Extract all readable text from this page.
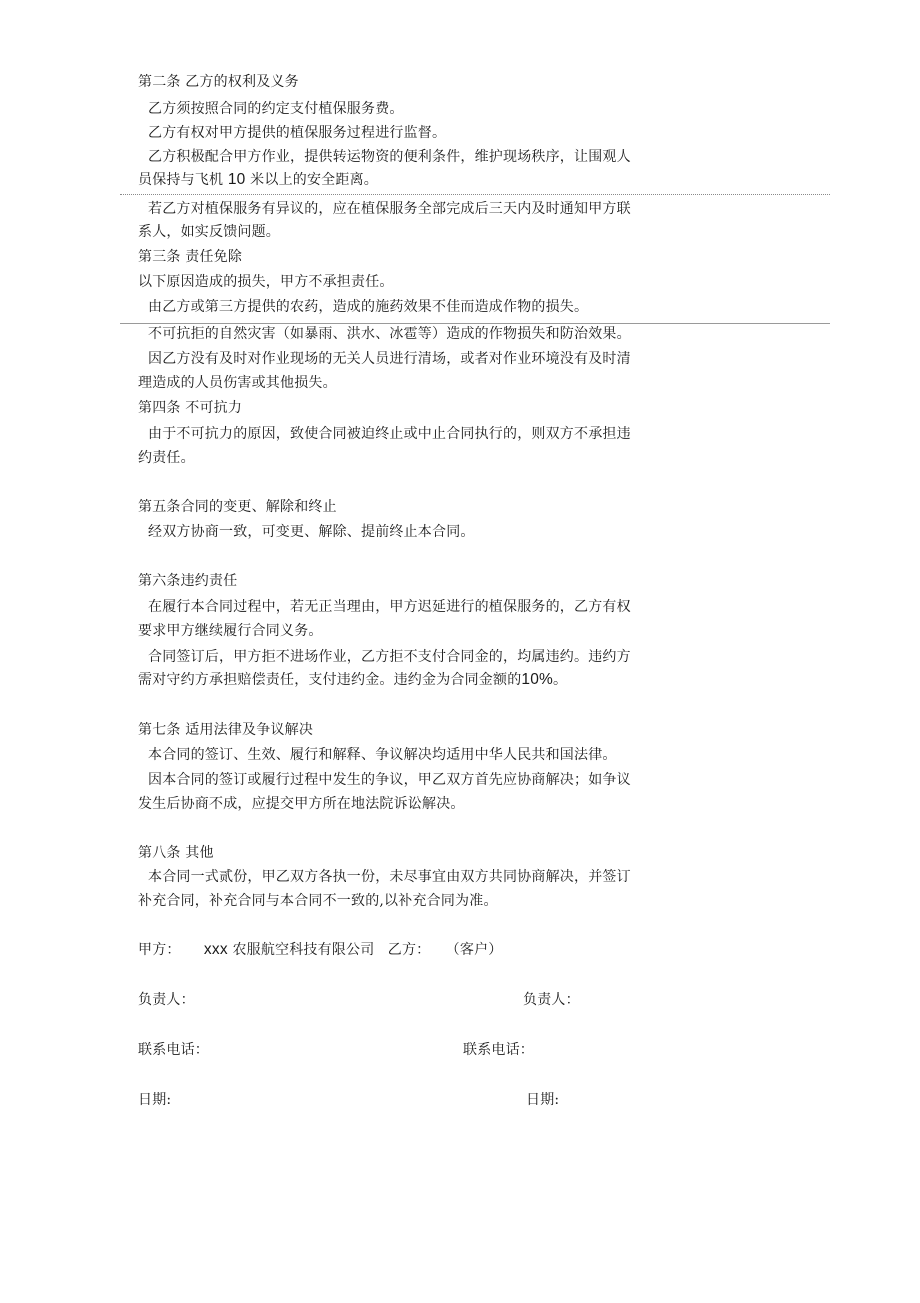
第二条 乙方的权利及义务
乙方须按照合同的约定支付植保服务费。
乙方有权对甲方提供的植保服务过程进行监督。
乙方积极配合甲方作业，提供转运物资的便利条件，维护现场秩序，让围观人
员保持与飞机 10 米以上的安全距离。
若乙方对植保服务有异议的，应在植保服务全部完成后三天内及时通知甲方联
系人，如实反馈问题。
第三条 责任免除
以下原因造成的损失，甲方不承担责任。
由乙方或第三方提供的农药，造成的施药效果不佳而造成作物的损失。
不可抗拒的自然灾害（如暴雨、洪水、冰雹等）造成的作物损失和防治效果。
因乙方没有及时对作业现场的无关人员进行清场，或者对作业环境没有及时清
理造成的人员伤害或其他损失。
第四条 不可抗力
由于不可抗力的原因，致使合同被迫终止或中止合同执行的，则双方不承担违
约责任。
第五条合同的变更、解除和终止
经双方协商一致，可变更、解除、提前终止本合同。
第六条违约责任
在履行本合同过程中，若无正当理由，甲方迟延进行的植保服务的，乙方有权
要求甲方继续履行合同义务。
合同签订后，甲方拒不进场作业，乙方拒不支付合同金的，均属违约。违约方
需对守约方承担赔偿责任，支付违约金。违约金为合同金额的10%。
第七条 适用法律及争议解决
本合同的签订、生效、履行和解释、争议解决均适用中华人民共和国法律。
因本合同的签订或履行过程中发生的争议，甲乙双方首先应协商解决；如争议
发生后协商不成，应提交甲方所在地法院诉讼解决。
第八条 其他
本合同一式贰份，甲乙双方各执一份，未尽事宜由双方共同协商解决，并签订
补充合同，补充合同与本合同不一致的,以补充合同为准。
甲方： xxx 农服航空科技有限公司 乙方： （客户）
负责人：	负责人：
联系电话：	联系电话：
日期:	日期:
